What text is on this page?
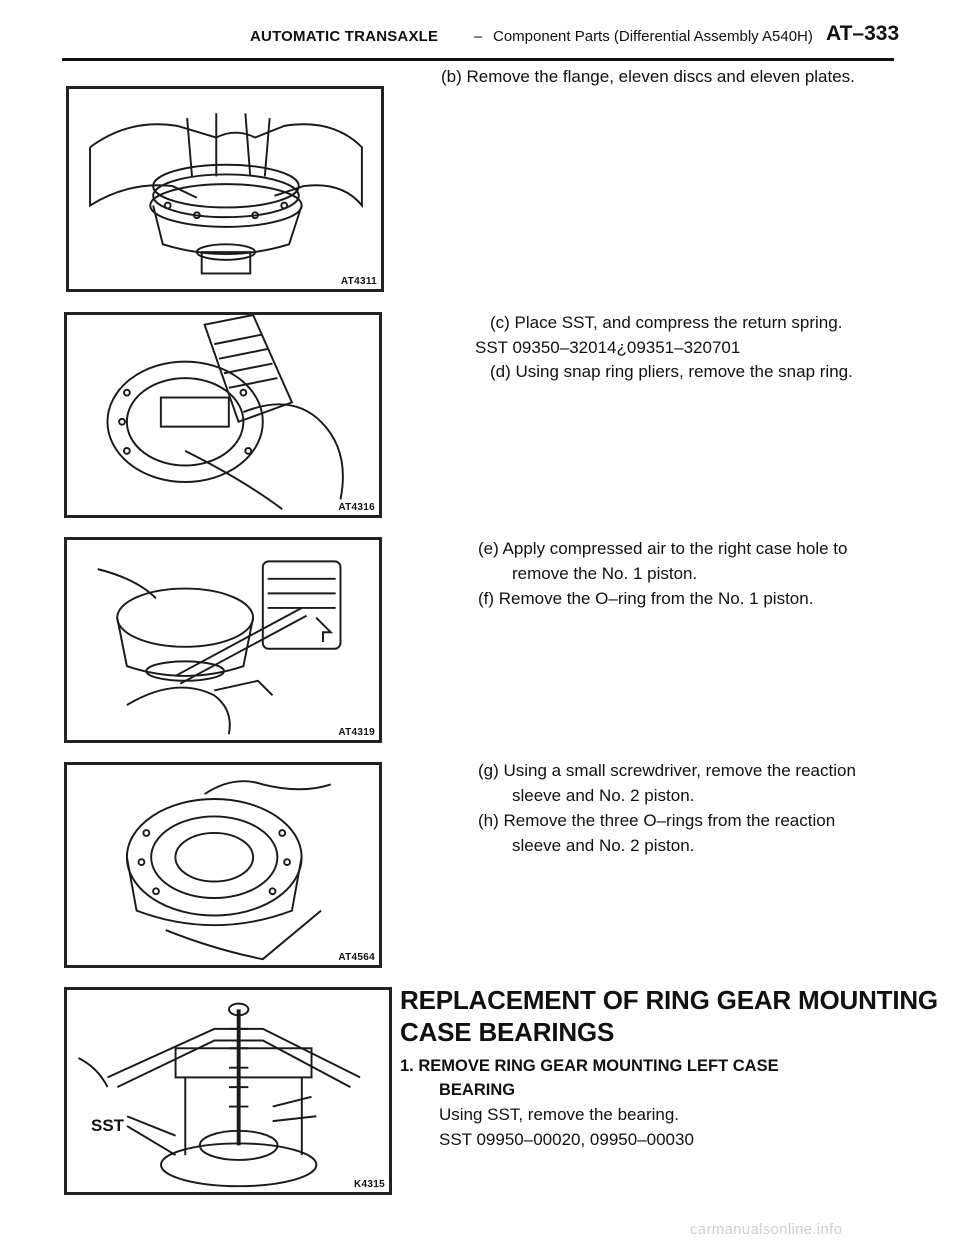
AUTOMATIC TRANSAXLE – Component Parts (Differential Assembly A540H) AT–333
(b) Remove the flange, eleven discs and eleven plates.
AT4311
(c) Place SST, and compress the return spring.
SST 09350–32014¿09351–320701
(d) Using snap ring pliers, remove the snap ring.
AT4316
(e) Apply compressed air to the right case hole to
remove the No. 1 piston.
(f) Remove the O–ring from the No. 1 piston.
AT4319
(g) Using a small screwdriver, remove the reaction
sleeve and No. 2 piston.
(h) Remove the three O–rings from the reaction
sleeve and No. 2 piston.
AT4564
REPLACEMENT OF RING GEAR MOUNTING
CASE BEARINGS
1. REMOVE RING GEAR MOUNTING LEFT CASE
BEARING
Using SST, remove the bearing.
SST 09950–00020, 09950–00030
SST
K4315
carmanualsonline.info
